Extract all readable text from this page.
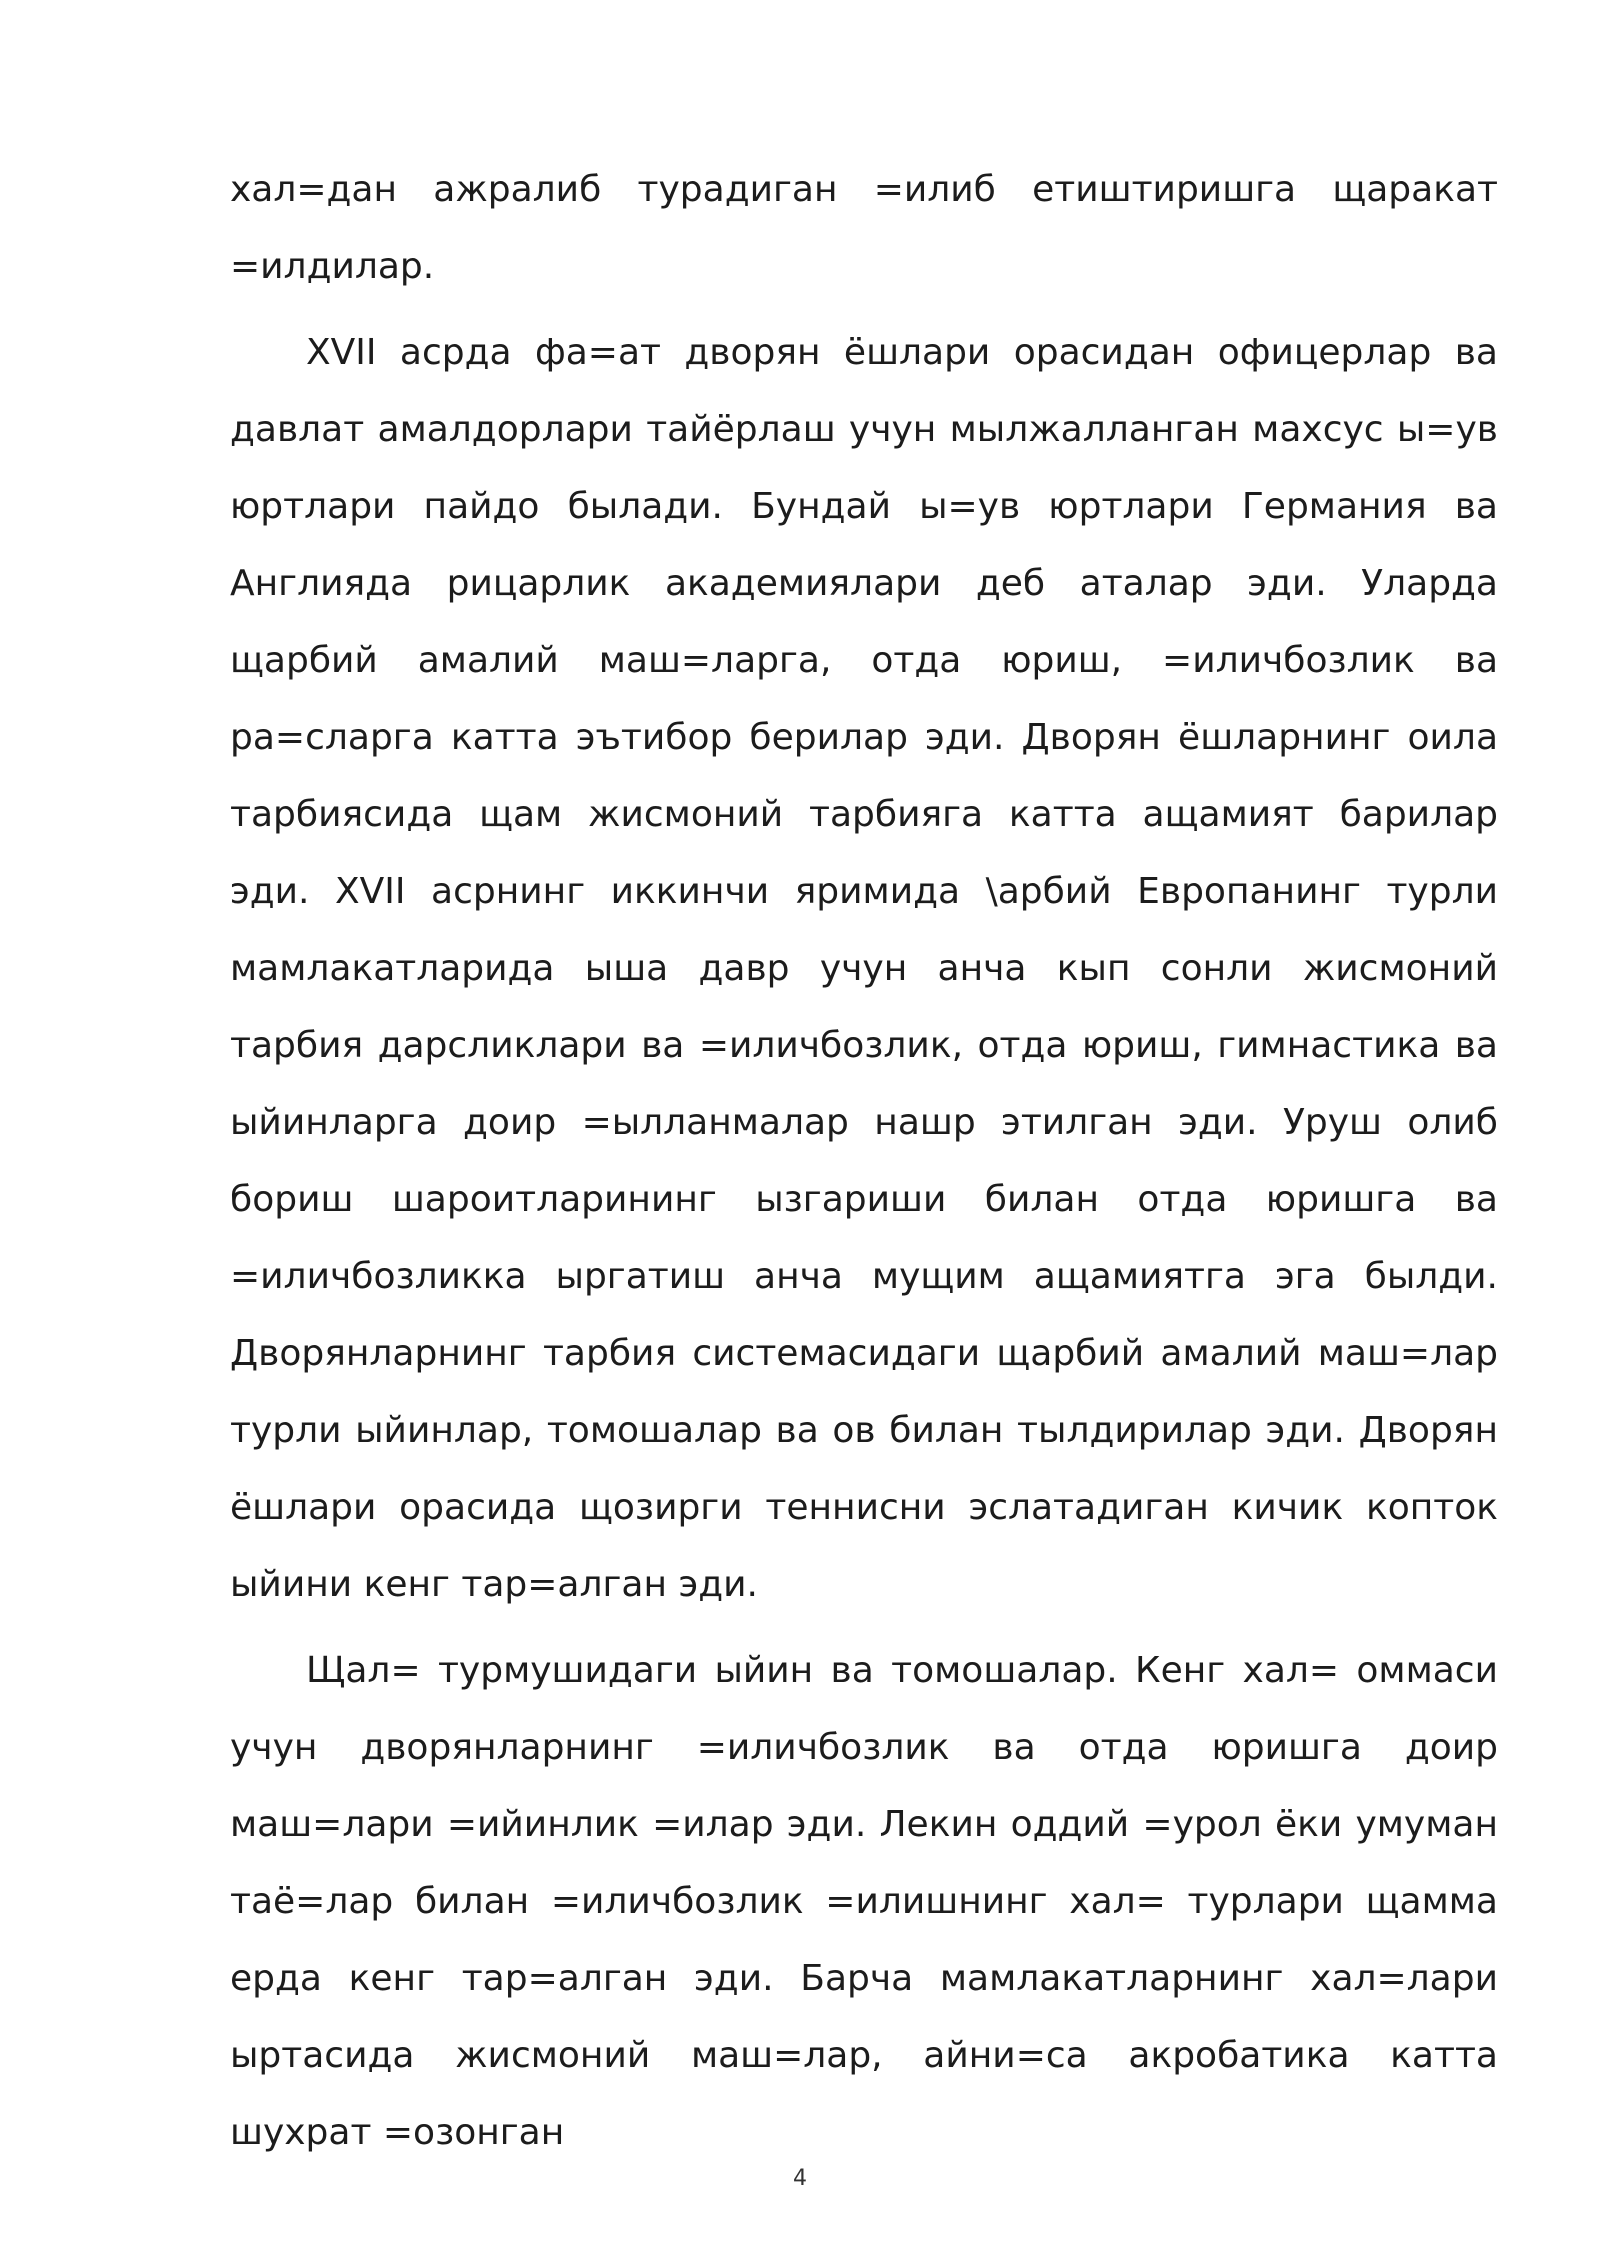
хал=дан ажралиб турадиган =илиб етиштиришга щаракат =илдилар.

XVII асрда фа=ат дворян ёшлари орасидан офицерлар ва давлат амалдорлари тайёрлаш учун мылжалланган махсус ы=ув юртлари пайдо былади. Бундай ы=ув юртлари Германия ва Англияда рицарлик академиялари деб аталар эди. Уларда щарбий амалий маш=ларга, отда юриш, =иличбозлик ва ра=сларга катта эътибор берилар эди. Дворян ёшларнинг оила тарбиясида щам жисмоний тарбияга катта ащамият барилар эди. XVII асрнинг иккинчи яримида \арбий Европанинг турли мамлакатларида ыша давр учун анча кып сонли жисмоний тарбия дарсликлари ва =иличбозлик, отда юриш, гимнастика ва ыйинларга доир =ылланмалар нашр этилган эди. Уруш олиб бориш шароитларининг ызгариши билан отда юришга ва =иличбозликка ыргатиш анча мущим ащамиятга эга былди. Дворянларнинг тарбия системасидаги щарбий амалий маш=лар турли ыйинлар, томошалар ва ов билан тылдирилар эди. Дворян ёшлари орасида щозирги теннисни эслатадиган кичик копток ыйини кенг тар=алган эди.

Щал= турмушидаги ыйин ва томошалар. Кенг хал= оммаси учун дворянларнинг =иличбозлик ва отда юришга доир маш=лари =ийинлик =илар эди. Лекин оддий =урол ёки умуман таё=лар билан =иличбозлик =илишнинг хал= турлари щамма ерда кенг тар=алган эди. Барча мамлакатларнинг хал=лари ыртасида жисмоний маш=лар, айни=са акробатика катта шухрат =озонган

4
